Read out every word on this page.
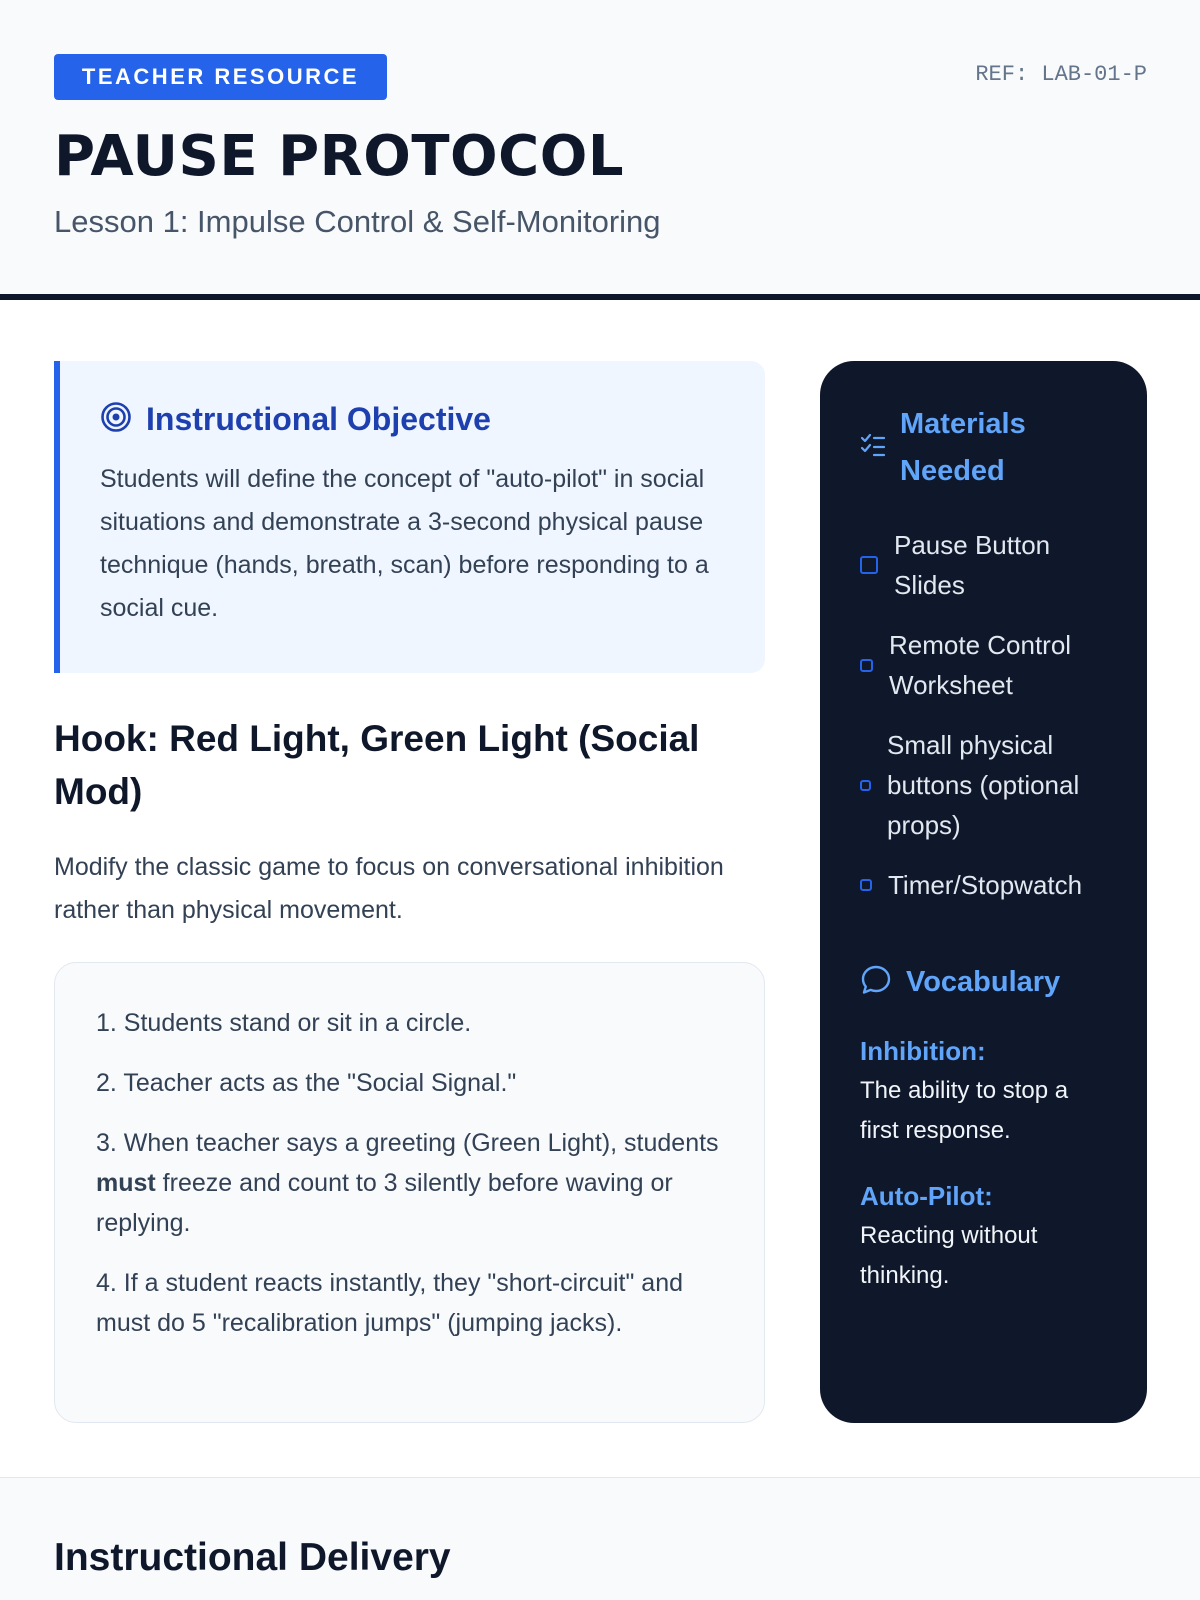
TEACHER RESOURCE	REF: LAB-01-P
PAUSE PROTOCOL
Lesson 1: Impulse Control & Self-Monitoring
Instructional Objective

Students will define the concept of "auto-pilot" in social situations and demonstrate a 3-second physical pause technique (hands, breath, scan) before responding to a social cue.

Hook: Red Light, Green Light (Social Mod)

Modify the classic game to focus on conversational inhibition rather than physical movement.

1. Students stand or sit in a circle.
2. Teacher acts as the "Social Signal."
3. When teacher says a greeting (Green Light), students must freeze and count to 3 silently before waving or replying.
4. If a student reacts instantly, they "short-circuit" and must do 5 "recalibration jumps" (jumping jacks).
Materials Needed
Pause Button Slides
Remote Control Worksheet
Small physical buttons (optional props)
Timer/Stopwatch
Vocabulary
Inhibition:
The ability to stop a first response.
Auto-Pilot:
Reacting without thinking.
Instructional Delivery
